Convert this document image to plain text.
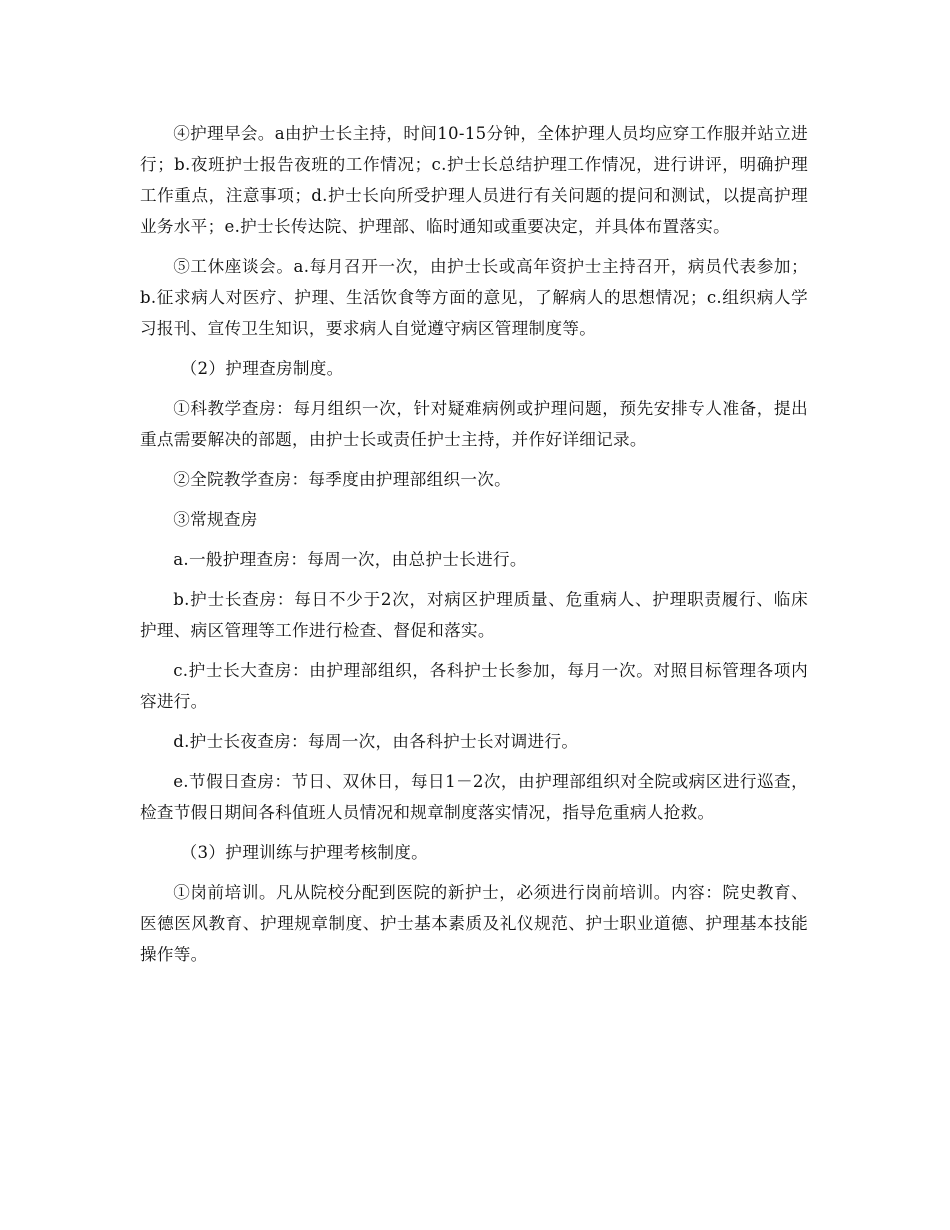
④护理早会。a由护士长主持，时间10-15分钟，全体护理人员均应穿工作服并站立进行；b.夜班护士报告夜班的工作情况；c.护士长总结护理工作情况，进行讲评，明确护理工作重点，注意事项；d.护士长向所受护理人员进行有关问题的提问和测试，以提高护理业务水平；e.护士长传达院、护理部、临时通知或重要决定，并具体布置落实。

⑤工休座谈会。a.每月召开一次，由护士长或高年资护士主持召开，病员代表参加；b.征求病人对医疗、护理、生活饮食等方面的意见，了解病人的思想情况；c.组织病人学习报刊、宣传卫生知识，要求病人自觉遵守病区管理制度等。

（2）护理查房制度。

①科教学查房：每月组织一次，针对疑难病例或护理问题，预先安排专人准备，提出重点需要解决的部题，由护士长或责任护士主持，并作好详细记录。

②全院教学查房：每季度由护理部组织一次。

③常规查房

a.一般护理查房：每周一次，由总护士长进行。

b.护士长查房：每日不少于2次，对病区护理质量、危重病人、护理职责履行、临床护理、病区管理等工作进行检查、督促和落实。

c.护士长大查房：由护理部组织，各科护士长参加，每月一次。对照目标管理各项内容进行。

d.护士长夜查房：每周一次，由各科护士长对调进行。

e.节假日查房：节日、双休日，每日1－2次，由护理部组织对全院或病区进行巡查，检查节假日期间各科值班人员情况和规章制度落实情况，指导危重病人抢救。

（3）护理训练与护理考核制度。

①岗前培训。凡从院校分配到医院的新护士，必须进行岗前培训。内容：院史教育、医德医风教育、护理规章制度、护士基本素质及礼仪规范、护士职业道德、护理基本技能操作等。
